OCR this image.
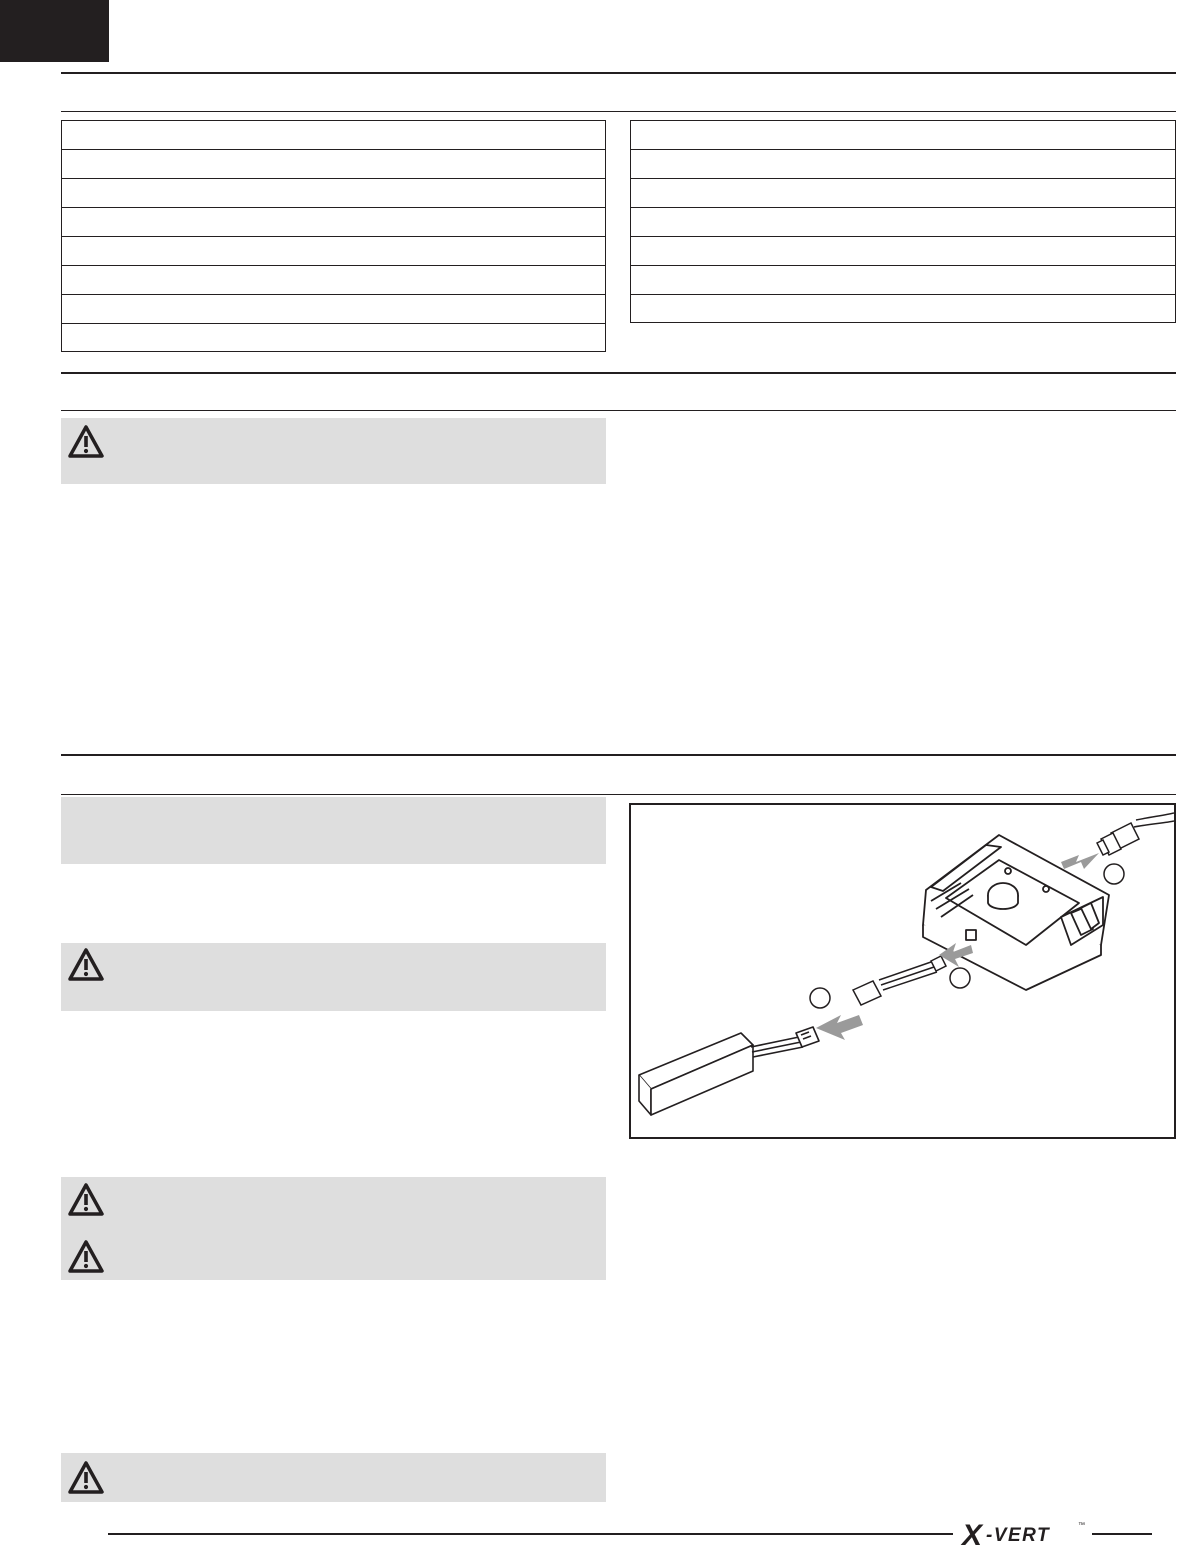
X -VERT	™
